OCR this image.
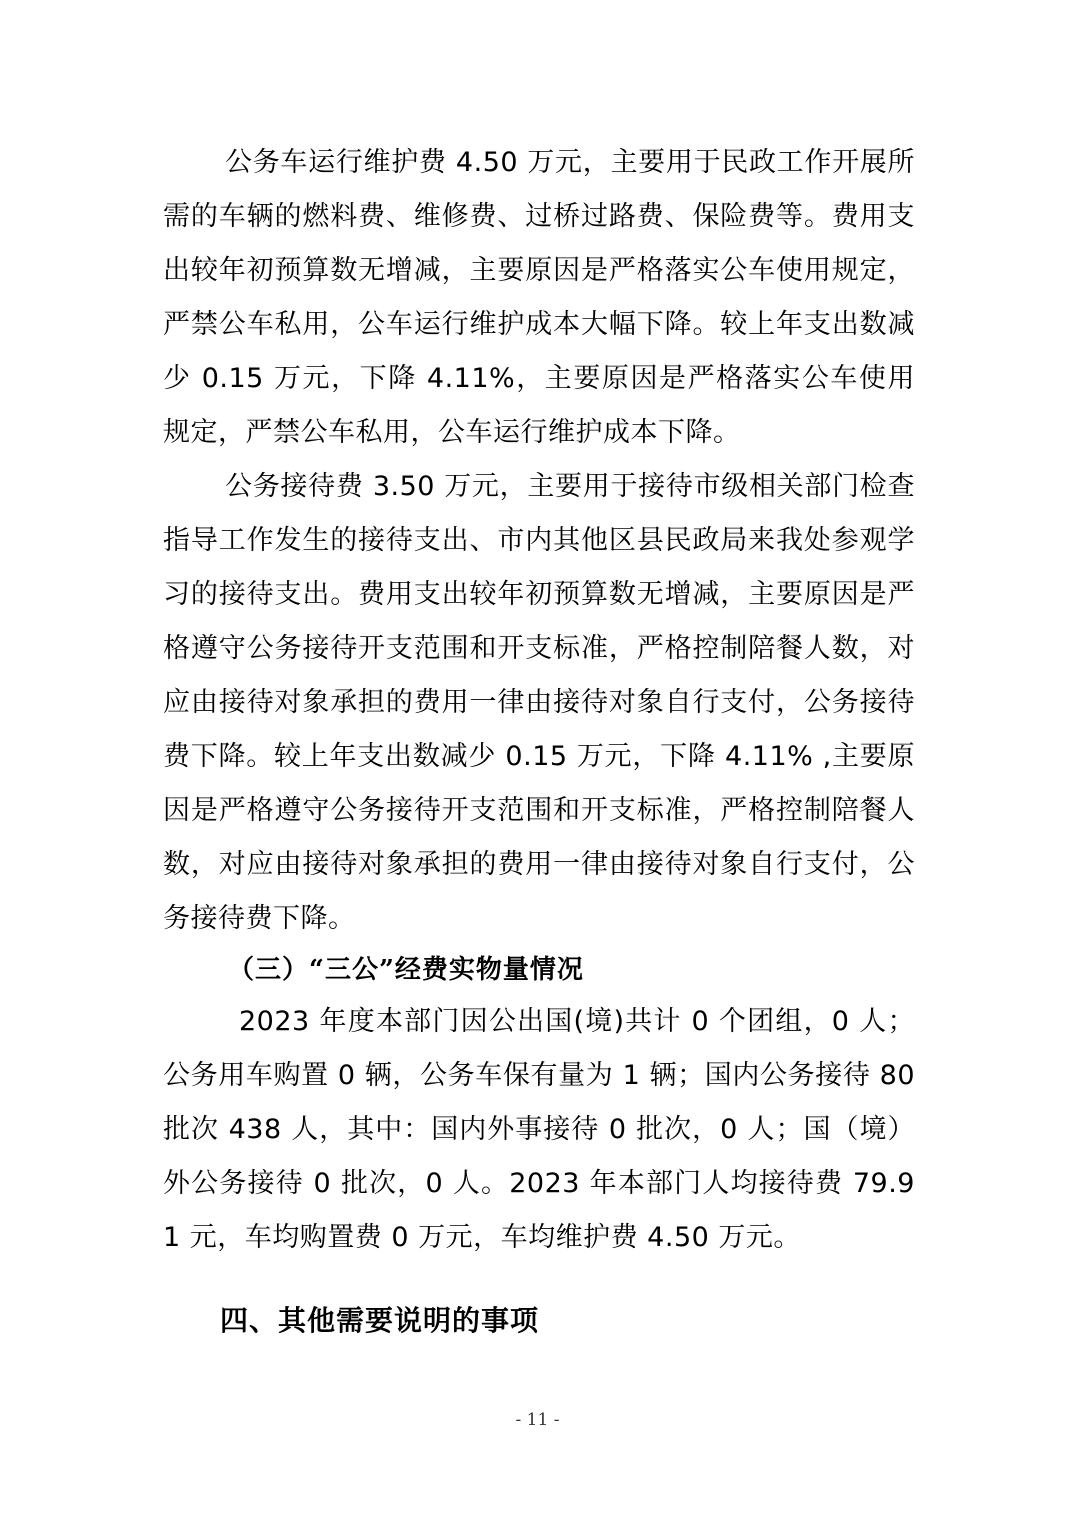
公务车运行维护费 4.50 万元，主要用于民政工作开展所需的车辆的燃料费、维修费、过桥过路费、保险费等。费用支出较年初预算数无增减，主要原因是严格落实公车使用规定，严禁公车私用，公车运行维护成本大幅下降。较上年支出数减少 0.15 万元，下降 4.11%，主要原因是严格落实公车使用规定，严禁公车私用，公车运行维护成本下降。

公务接待费 3.50 万元，主要用于接待市级相关部门检查指导工作发生的接待支出、市内其他区县民政局来我处参观学习的接待支出。费用支出较年初预算数无增减，主要原因是严格遵守公务接待开支范围和开支标准，严格控制陪餐人数，对应由接待对象承担的费用一律由接待对象自行支付，公务接待费下降。较上年支出数减少 0.15 万元，下降 4.11% ,主要原因是严格遵守公务接待开支范围和开支标准，严格控制陪餐人数，对应由接待对象承担的费用一律由接待对象自行支付，公务接待费下降。

（三）“三公”经费实物量情况

2023 年度本部门因公出国(境)共计 0 个团组，0 人；公务用车购置 0 辆，公务车保有量为 1 辆；国内公务接待 80 批次 438 人，其中：国内外事接待 0 批次，0 人；国（境）外公务接待 0 批次，0 人。2023 年本部门人均接待费 79.91 元，车均购置费 0 万元，车均维护费 4.50 万元。

四、其他需要说明的事项
- 11 -
